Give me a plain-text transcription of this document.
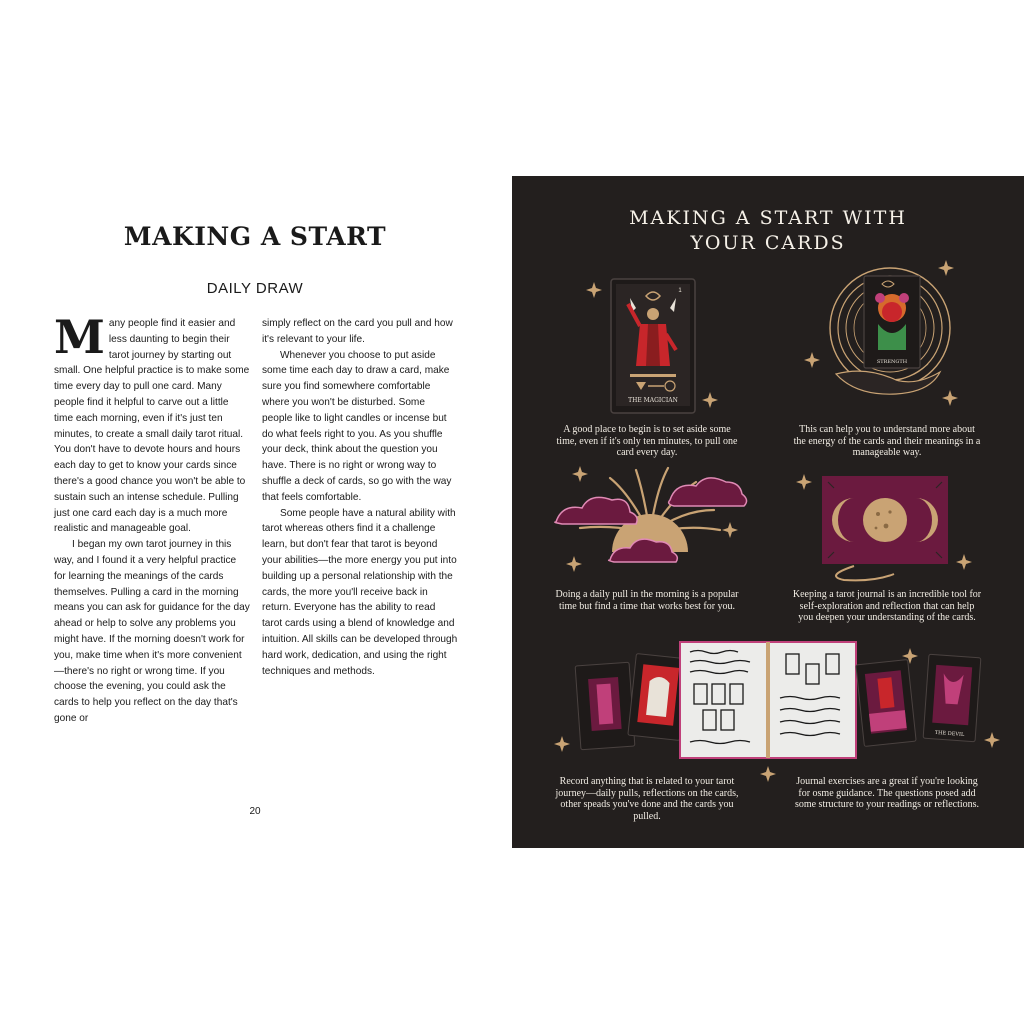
MAKING A START
DAILY DRAW

Many people find it easier and less daunting to begin their tarot journey by starting out small. One helpful practice is to make some time every day to pull one card. Many people find it helpful to carve out a little time each morning, even if it's just ten minutes, to create a small daily tarot ritual. You don't have to devote hours and hours each day to get to know your cards since there's a good chance you won't be able to sustain such an intense schedule. Pulling just one card each day is a much more realistic and manageable goal.

I began my own tarot journey in this way, and I found it a very helpful practice for learning the meanings of the cards themselves. Pulling a card in the morning means you can ask for guidance for the day ahead or help to solve any problems you might have. If the morning doesn't work for you, make time when it's more convenient—there's no right or wrong time. If you choose the evening, you could ask the cards to help you reflect on the day that's gone or

simply reflect on the card you pull and how it's relevant to your life.

Whenever you choose to put aside some time each day to draw a card, make sure you find somewhere comfortable where you won't be disturbed. Some people like to light candles or incense but do what feels right to you. As you shuffle your deck, think about the question you have. There is no right or wrong way to shuffle a deck of cards, so go with the way that feels comfortable.

Some people have a natural ability with tarot whereas others find it a challenge learn, but don't fear that tarot is beyond your abilities—the more energy you put into building up a personal relationship with the cards, the more you'll receive back in return. Everyone has the ability to read tarot cards using a blend of knowledge and intuition. All skills can be developed through hard work, dedication, and using the right techniques and methods.

20
MAKING A START WITH
YOUR CARDS
THE MAGICIAN
1
STRENGTH
THE DEVIL
A good place to begin is to set aside some time, even if it's only ten minutes, to pull one card every day.
This can help you to understand more about the energy of the cards and their meanings in a manageable way.
Doing a daily pull in the morning is a popular time but find a time that works best for you.
Keeping a tarot journal is an incredible tool for self-exploration and reflection that can help you deepen your understanding of the cards.
Record anything that is related to your tarot journey—daily pulls, reflections on the cards, other speads you've done and the cards you pulled.
Journal exercises are a great if you're looking for osme guidance. The questions posed add some structure to your readings or reflections.
